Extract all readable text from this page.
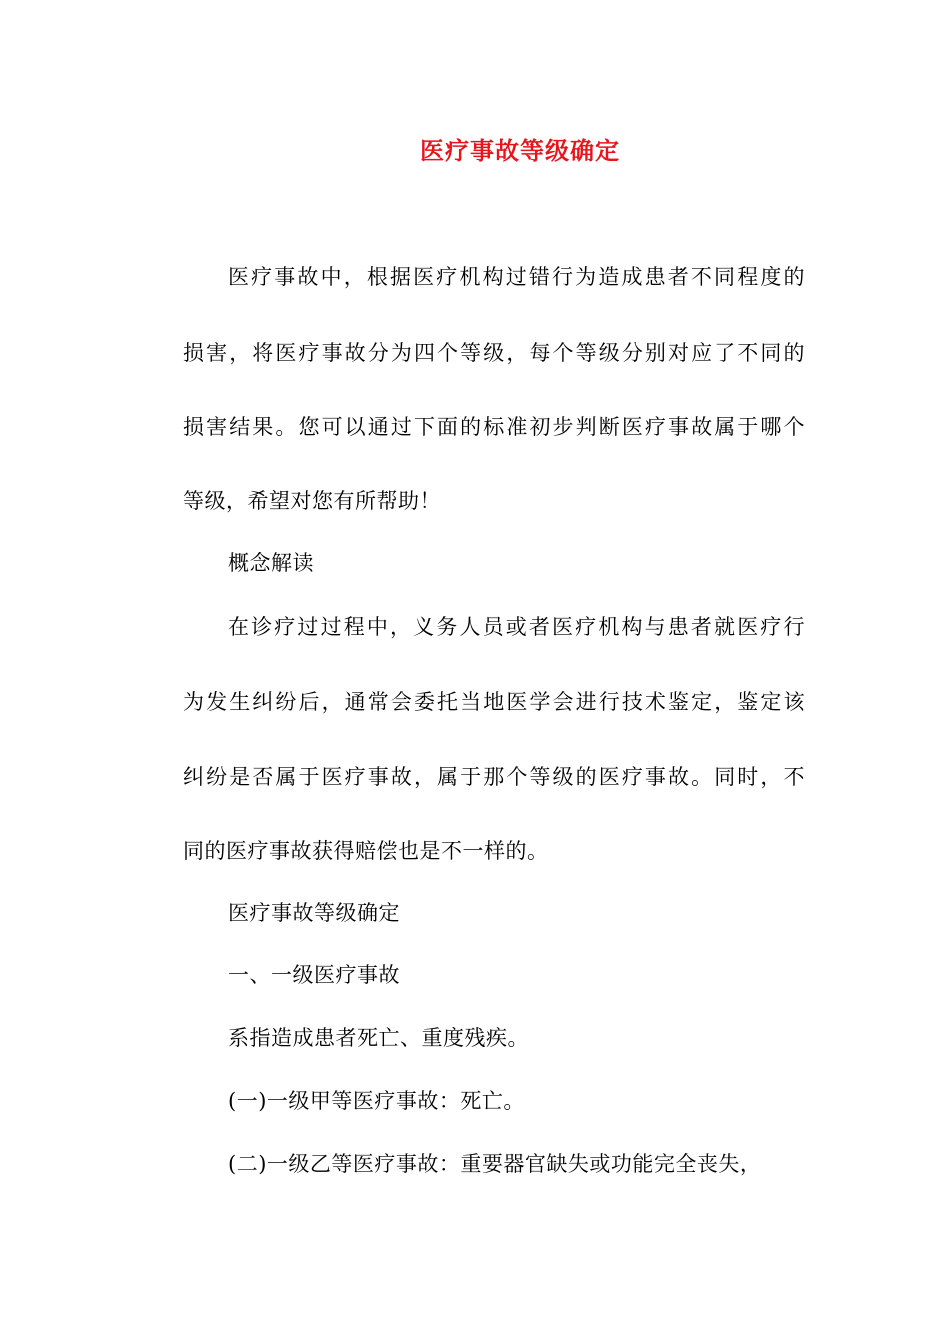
医疗事故等级确定
医疗事故中，根据医疗机构过错行为造成患者不同程度的
损害，将医疗事故分为四个等级，每个等级分别对应了不同的
损害结果。您可以通过下面的标准初步判断医疗事故属于哪个
等级，希望对您有所帮助！
概念解读
在诊疗过过程中，义务人员或者医疗机构与患者就医疗行
为发生纠纷后，通常会委托当地医学会进行技术鉴定，鉴定该
纠纷是否属于医疗事故，属于那个等级的医疗事故。同时，不
同的医疗事故获得赔偿也是不一样的。
医疗事故等级确定
一、一级医疗事故
系指造成患者死亡、重度残疾。
(一)一级甲等医疗事故：死亡。
(二)一级乙等医疗事故：重要器官缺失或功能完全丧失，
